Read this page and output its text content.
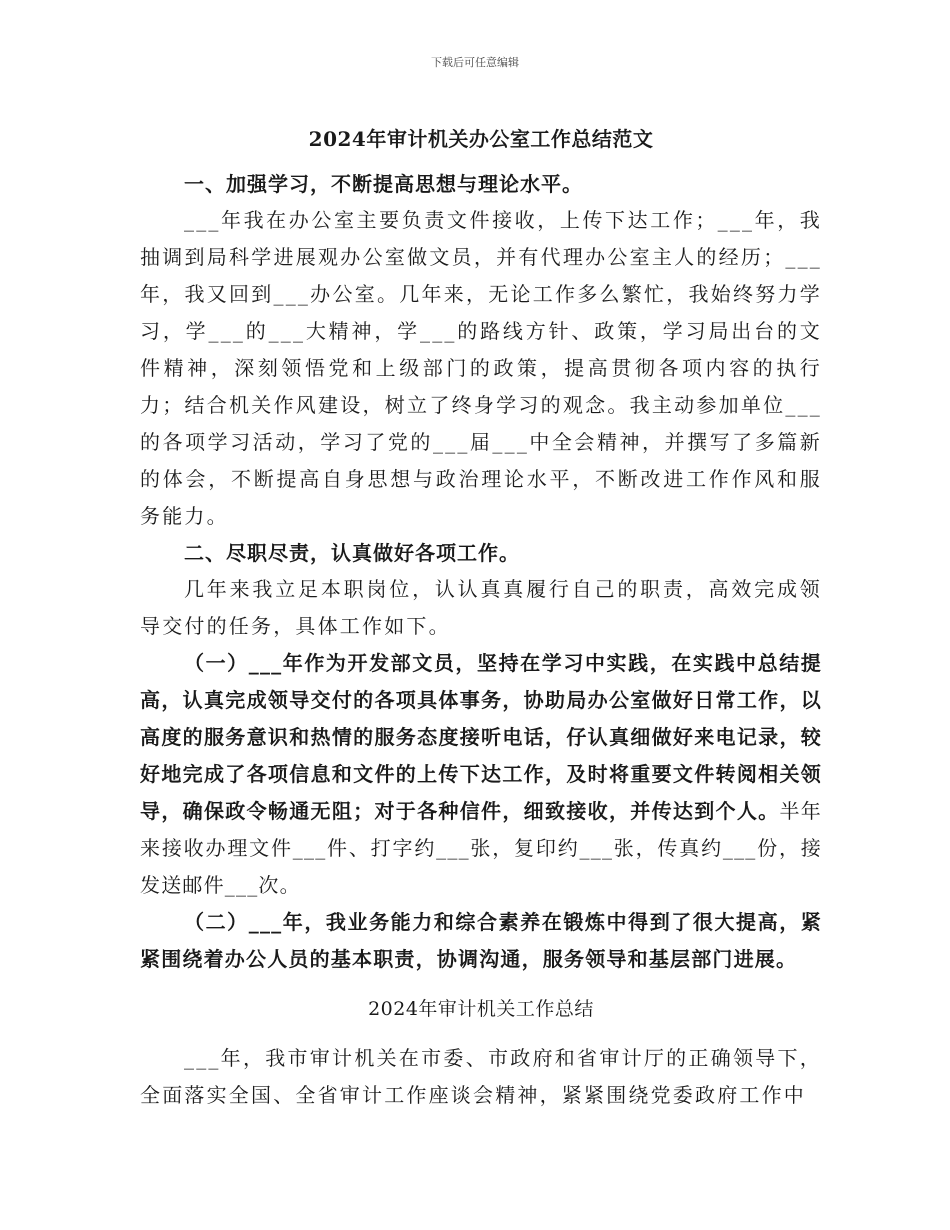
下载后可任意编辑
2024年审计机关办公室工作总结范文
一、加强学习，不断提高思想与理论水平。
___年我在办公室主要负责文件接收，上传下达工作；___年，我抽调到局科学进展观办公室做文员，并有代理办公室主人的经历；___年，我又回到___办公室。几年来，无论工作多么繁忙，我始终努力学习，学___的___大精神，学___的路线方针、政策，学习局出台的文件精神，深刻领悟党和上级部门的政策，提高贯彻各项内容的执行力；结合机关作风建设，树立了终身学习的观念。我主动参加单位___的各项学习活动，学习了党的___届___中全会精神，并撰写了多篇新的体会，不断提高自身思想与政治理论水平，不断改进工作作风和服务能力。
二、尽职尽责，认真做好各项工作。
几年来我立足本职岗位，认认真真履行自己的职责，高效完成领导交付的任务，具体工作如下。
（一）___年作为开发部文员，坚持在学习中实践，在实践中总结提高，认真完成领导交付的各项具体事务，协助局办公室做好日常工作，以高度的服务意识和热情的服务态度接听电话，仔认真细做好来电记录，较好地完成了各项信息和文件的上传下达工作，及时将重要文件转阅相关领导，确保政令畅通无阻；对于各种信件，细致接收，并传达到个人。半年来接收办理文件___件、打字约___张，复印约___张，传真约___份，接发送邮件___次。
（二）___年，我业务能力和综合素养在锻炼中得到了很大提高，紧紧围绕着办公人员的基本职责，协调沟通，服务领导和基层部门进展。
2024年审计机关工作总结
___年，我市审计机关在市委、市政府和省审计厅的正确领导下，全面落实全国、全省审计工作座谈会精神，紧紧围绕党委政府工作中
